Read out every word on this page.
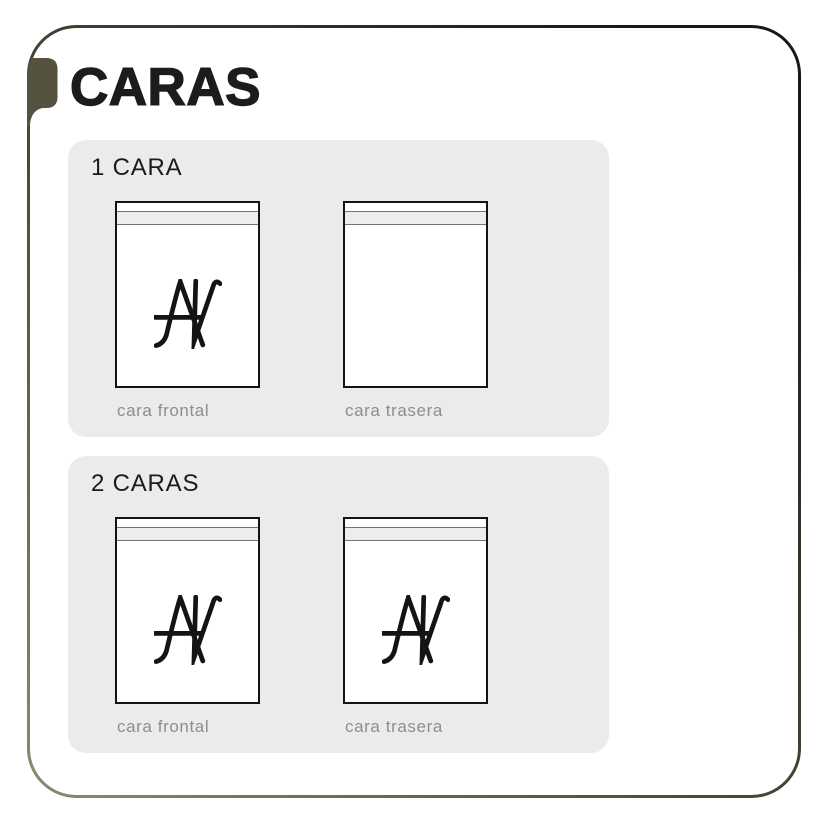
CARAS
1 CARA
cara frontal	cara trasera
2 CARAS
cara frontal	cara trasera
